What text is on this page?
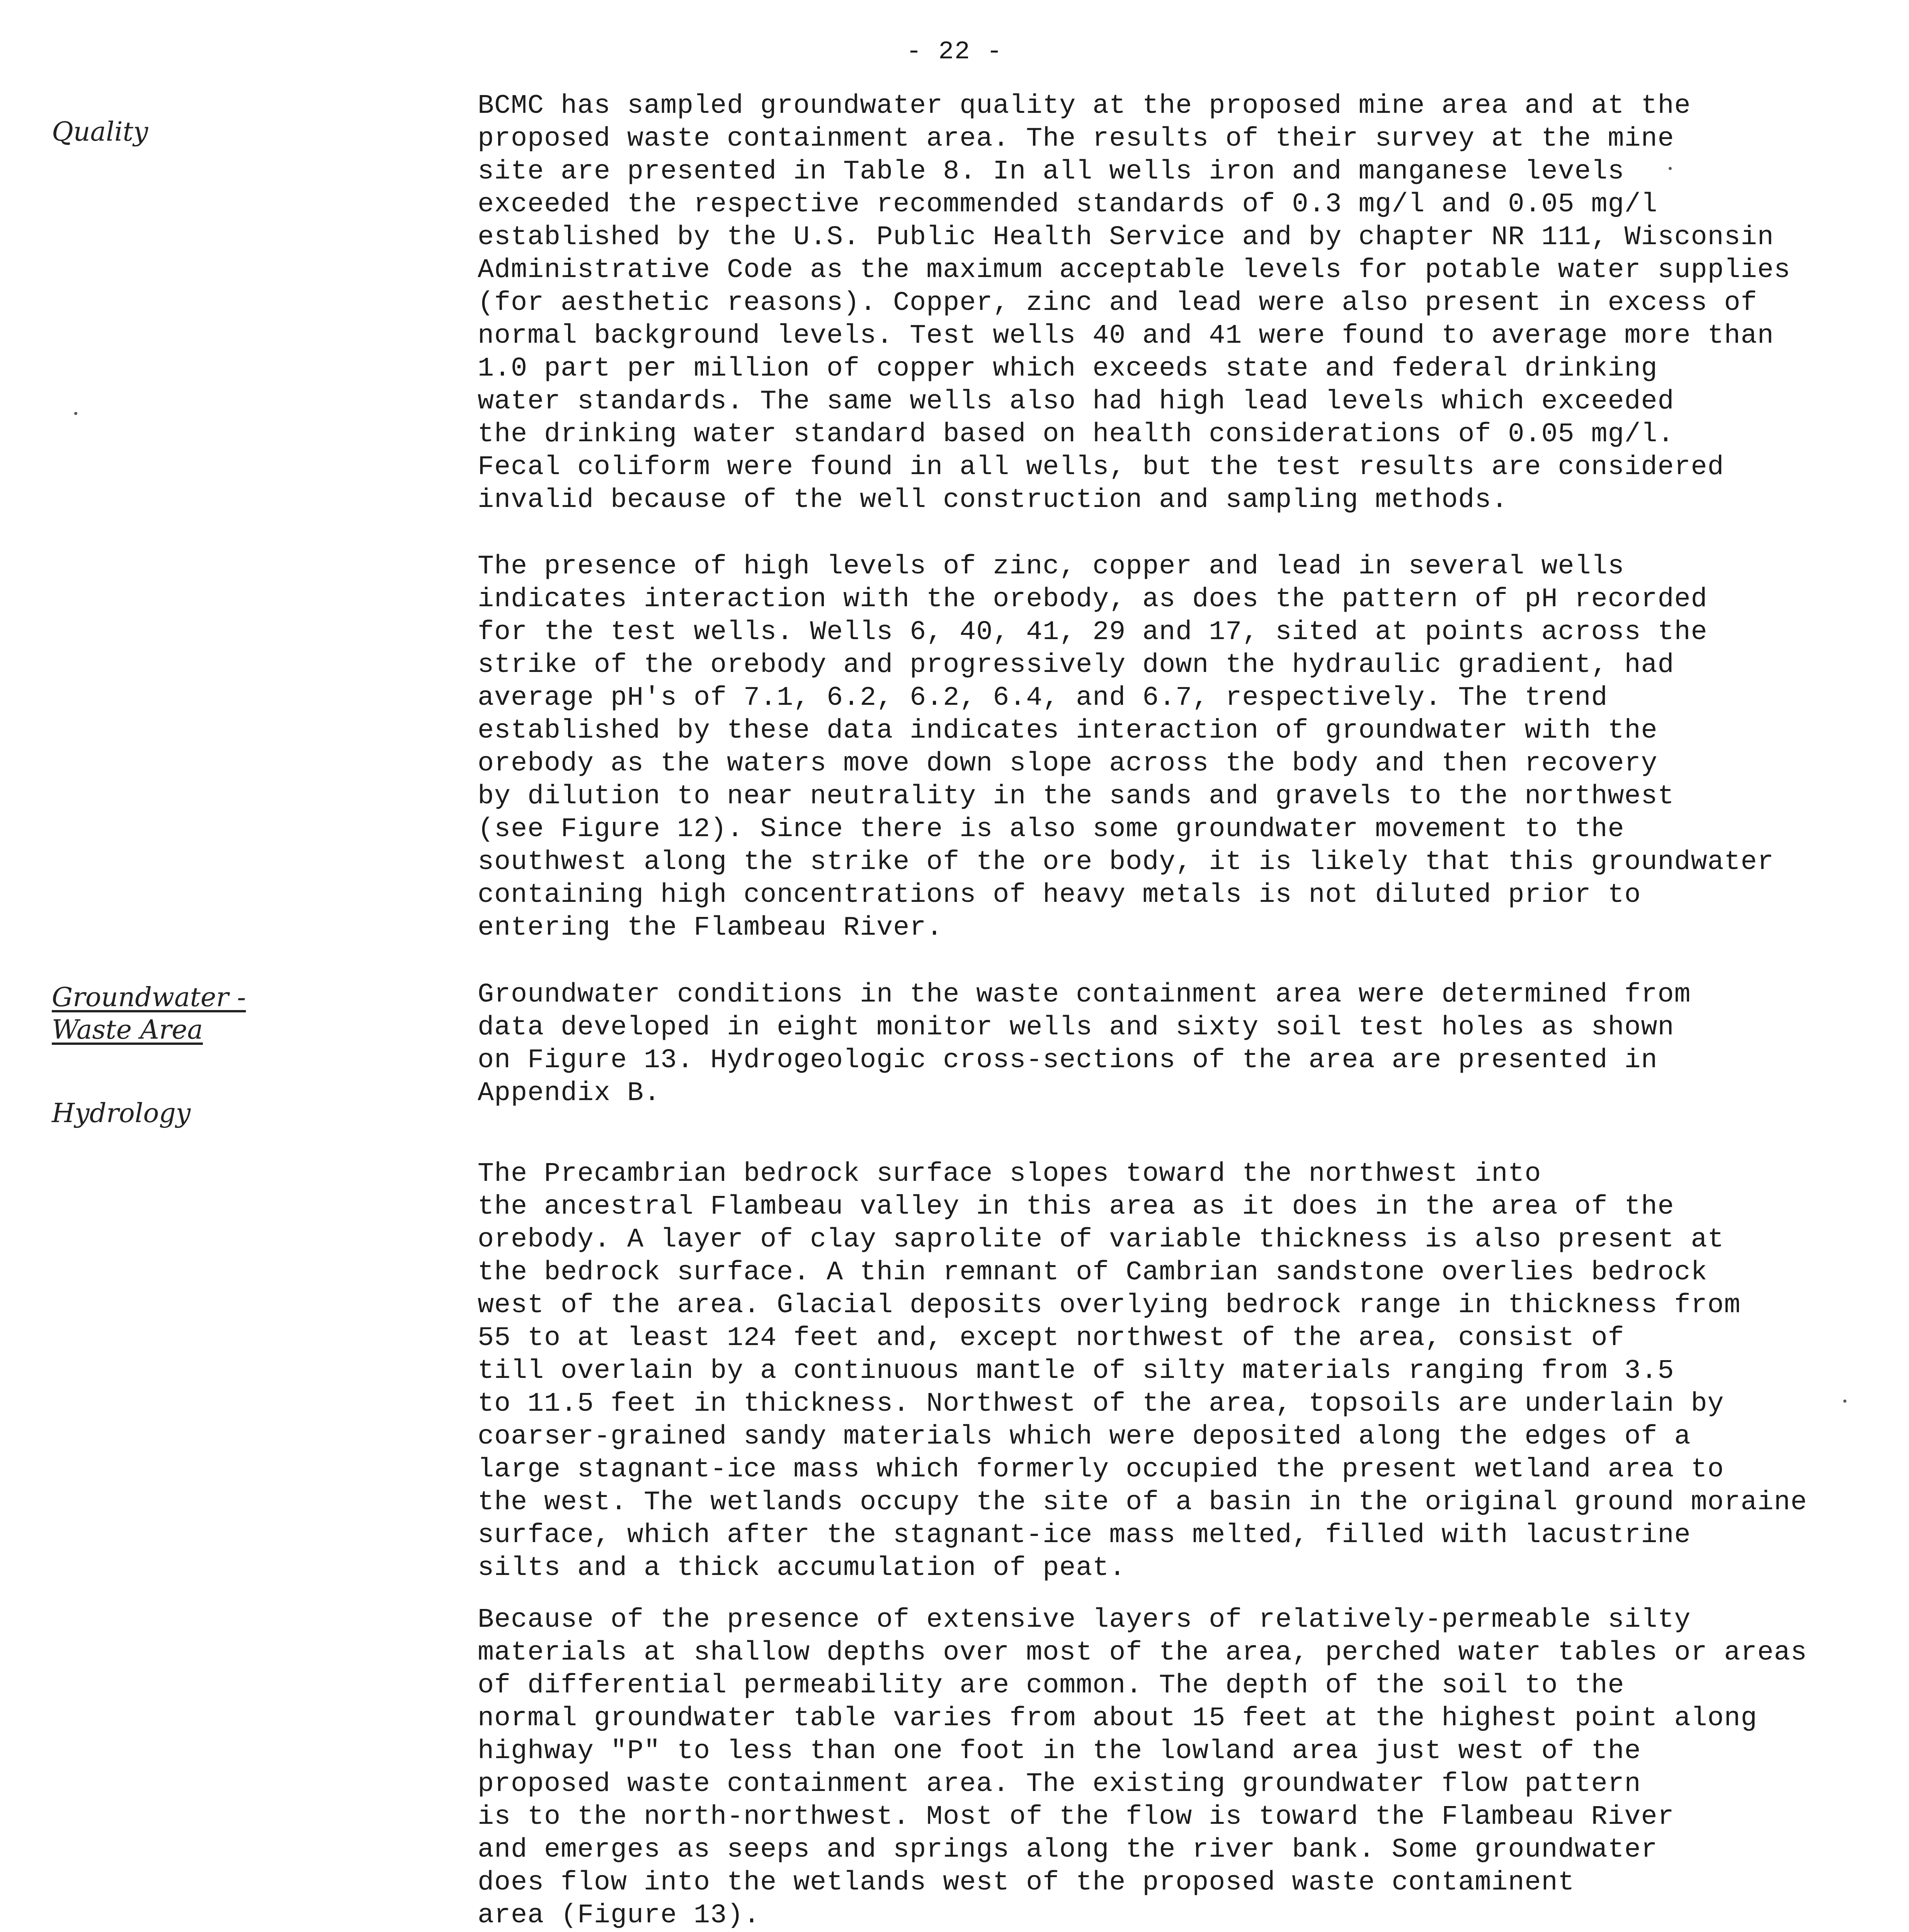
- 22 -
Quality
Groundwater -
Waste Area
Hydrology

BCMC has sampled groundwater quality at the proposed mine area and at the
proposed waste containment area. The results of their survey at the mine
site are presented in Table 8. In all wells iron and manganese levels
exceeded the respective recommended standards of 0.3 mg/l and 0.05 mg/l
established by the U.S. Public Health Service and by chapter NR 111, Wisconsin
Administrative Code as the maximum acceptable levels for potable water supplies
(for aesthetic reasons). Copper, zinc and lead were also present in excess of
normal background levels. Test wells 40 and 41 were found to average more than
1.0 part per million of copper which exceeds state and federal drinking
water standards. The same wells also had high lead levels which exceeded
the drinking water standard based on health considerations of 0.05 mg/l.
Fecal coliform were found in all wells, but the test results are considered
invalid because of the well construction and sampling methods.

The presence of high levels of zinc, copper and lead in several wells
indicates interaction with the orebody, as does the pattern of pH recorded
for the test wells. Wells 6, 40, 41, 29 and 17, sited at points across the
strike of the orebody and progressively down the hydraulic gradient, had
average pH's of 7.1, 6.2, 6.2, 6.4, and 6.7, respectively. The trend
established by these data indicates interaction of groundwater with the
orebody as the waters move down slope across the body and then recovery
by dilution to near neutrality in the sands and gravels to the northwest
(see Figure 12). Since there is also some groundwater movement to the
southwest along the strike of the ore body, it is likely that this groundwater
containing high concentrations of heavy metals is not diluted prior to
entering the Flambeau River.

Groundwater conditions in the waste containment area were determined from
data developed in eight monitor wells and sixty soil test holes as shown
on Figure 13. Hydrogeologic cross-sections of the area are presented in
Appendix B.

The Precambrian bedrock surface slopes toward the northwest into
the ancestral Flambeau valley in this area as it does in the area of the
orebody. A layer of clay saprolite of variable thickness is also present at
the bedrock surface. A thin remnant of Cambrian sandstone overlies bedrock
west of the area. Glacial deposits overlying bedrock range in thickness from
55 to at least 124 feet and, except northwest of the area, consist of
till overlain by a continuous mantle of silty materials ranging from 3.5
to 11.5 feet in thickness. Northwest of the area, topsoils are underlain by
coarser-grained sandy materials which were deposited along the edges of a
large stagnant-ice mass which formerly occupied the present wetland area to
the west. The wetlands occupy the site of a basin in the original ground moraine
surface, which after the stagnant-ice mass melted, filled with lacustrine
silts and a thick accumulation of peat.

Because of the presence of extensive layers of relatively-permeable silty
materials at shallow depths over most of the area, perched water tables or areas
of differential permeability are common. The depth of the soil to the
normal groundwater table varies from about 15 feet at the highest point along
highway "P" to less than one foot in the lowland area just west of the
proposed waste containment area. The existing groundwater flow pattern
is to the north-northwest. Most of the flow is toward the Flambeau River
and emerges as seeps and springs along the river bank. Some groundwater
does flow into the wetlands west of the proposed waste contaminent
area (Figure 13).
